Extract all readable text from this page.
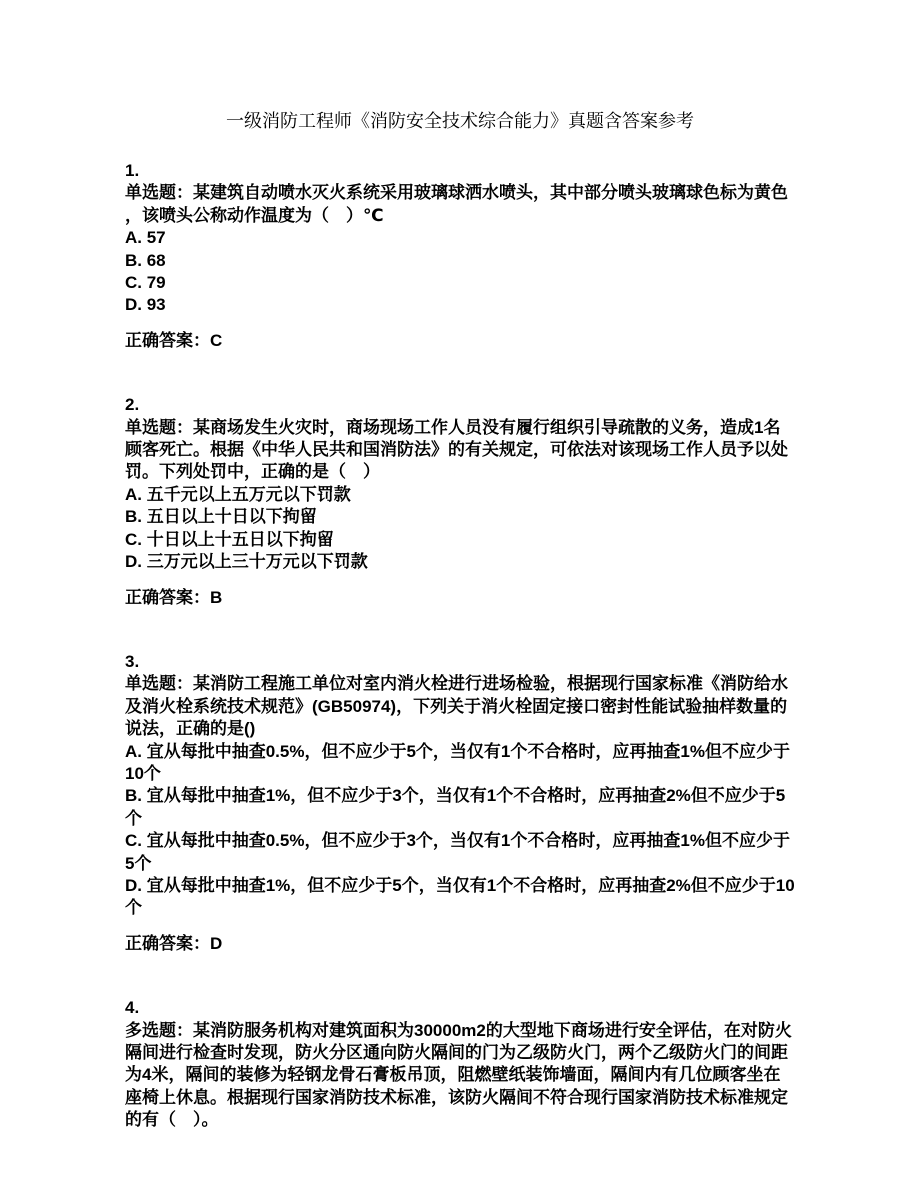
一级消防工程师《消防安全技术综合能力》真题含答案参考
1.
单选题：某建筑自动喷水灭火系统采用玻璃球洒水喷头，其中部分喷头玻璃球色标为黄色，该喷头公称动作温度为（　）℃
A. 57
B. 68
C. 79
D. 93
正确答案：C
2.
单选题：某商场发生火灾时，商场现场工作人员没有履行组织引导疏散的义务，造成1名顾客死亡。根据《中华人民共和国消防法》的有关规定，可依法对该现场工作人员予以处罚。下列处罚中，正确的是（　）
A. 五千元以上五万元以下罚款
B. 五日以上十日以下拘留
C. 十日以上十五日以下拘留
D. 三万元以上三十万元以下罚款
正确答案：B
3.
单选题：某消防工程施工单位对室内消火栓进行进场检验，根据现行国家标准《消防给水及消火栓系统技术规范》(GB50974)，下列关于消火栓固定接口密封性能试验抽样数量的说法，正确的是()
A. 宜从每批中抽查0.5%，但不应少于5个，当仅有1个不合格时，应再抽查1%但不应少于10个
B. 宜从每批中抽查1%，但不应少于3个，当仅有1个不合格时，应再抽查2%但不应少于5个
C. 宜从每批中抽查0.5%，但不应少于3个，当仅有1个不合格时，应再抽查1%但不应少于5个
D. 宜从每批中抽查1%，但不应少于5个，当仅有1个不合格时，应再抽查2%但不应少于10个
正确答案：D
4.
多选题：某消防服务机构对建筑面积为30000m2的大型地下商场进行安全评估，在对防火隔间进行检查时发现，防火分区通向防火隔间的门为乙级防火门，两个乙级防火门的间距为4米，隔间的装修为轻钢龙骨石膏板吊顶，阻燃壁纸装饰墙面，隔间内有几位顾客坐在座椅上休息。根据现行国家消防技术标准，该防火隔间不符合现行国家消防技术标准规定的有（　）。
